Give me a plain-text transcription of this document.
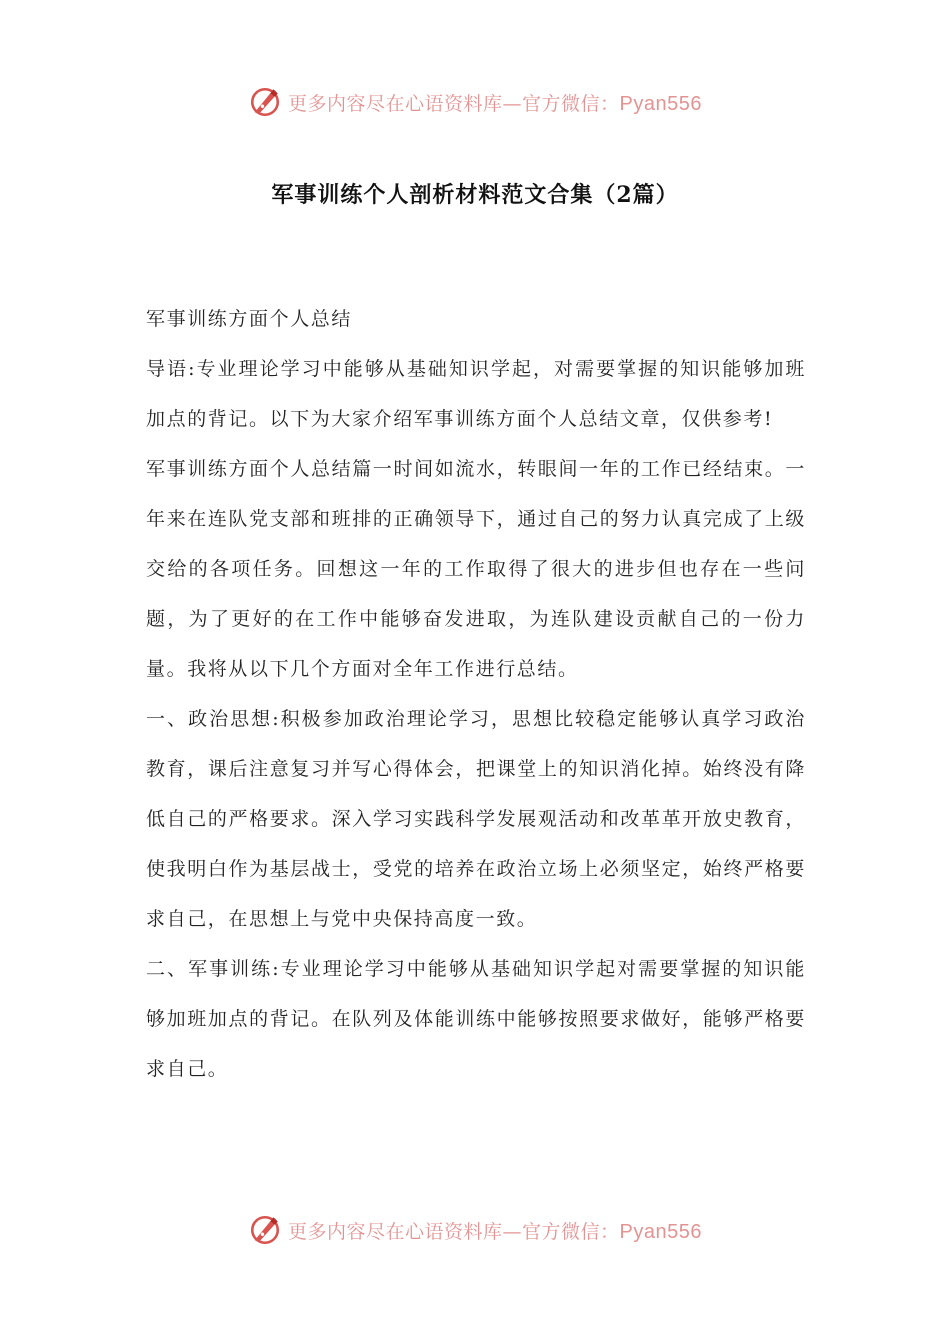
更多内容尽在心语资料库—官方微信：Pyan556
军事训练个人剖析材料范文合集（2篇）

军事训练方面个人总结

导语:专业理论学习中能够从基础知识学起，对需要掌握的知识能够加班加点的背记。以下为大家介绍军事训练方面个人总结文章，仅供参考!

军事训练方面个人总结篇一时间如流水，转眼间一年的工作已经结束。一年来在连队党支部和班排的正确领导下，通过自己的努力认真完成了上级交给的各项任务。回想这一年的工作取得了很大的进步但也存在一些问题，为了更好的在工作中能够奋发进取，为连队建设贡献自己的一份力量。我将从以下几个方面对全年工作进行总结。

一、政治思想:积极参加政治理论学习，思想比较稳定能够认真学习政治教育，课后注意复习并写心得体会，把课堂上的知识消化掉。始终没有降低自己的严格要求。深入学习实践科学发展观活动和改革革开放史教育，使我明白作为基层战士，受党的培养在政治立场上必须坚定，始终严格要求自己，在思想上与党中央保持高度一致。

二、军事训练:专业理论学习中能够从基础知识学起对需要掌握的知识能够加班加点的背记。在队列及体能训练中能够按照要求做好，能够严格要求自己。

更多内容尽在心语资料库—官方微信：Pyan556
